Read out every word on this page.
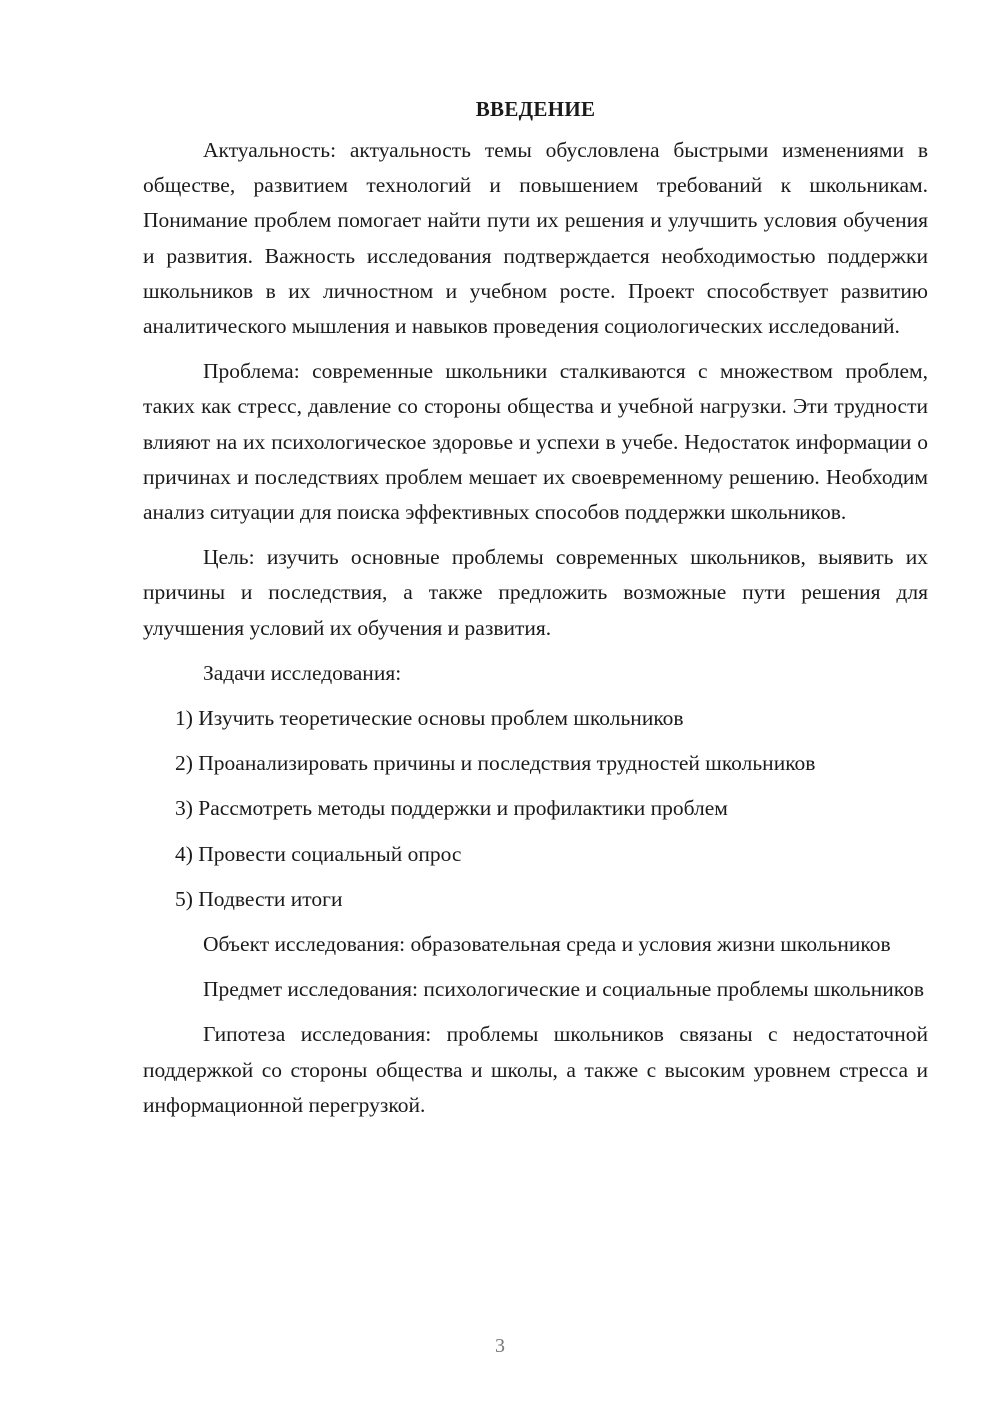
ВВЕДЕНИЕ

Актуальность: актуальность темы обусловлена быстрыми изменениями в обществе, развитием технологий и повышением требований к школьникам. Понимание проблем помогает найти пути их решения и улучшить условия обучения и развития. Важность исследования подтверждается необходимостью поддержки школьников в их личностном и учебном росте. Проект способствует развитию аналитического мышления и навыков проведения социологических исследований.

Проблема: современные школьники сталкиваются с множеством проблем, таких как стресс, давление со стороны общества и учебной нагрузки. Эти трудности влияют на их психологическое здоровье и успехи в учебе. Недостаток информации о причинах и последствиях проблем мешает их своевременному решению. Необходим анализ ситуации для поиска эффективных способов поддержки школьников.

Цель: изучить основные проблемы современных школьников, выявить их причины и последствия, а также предложить возможные пути решения для улучшения условий их обучения и развития.

Задачи исследования:

1) Изучить теоретические основы проблем школьников
2) Проанализировать причины и последствия трудностей школьников
3) Рассмотреть методы поддержки и профилактики проблем
4) Провести социальный опрос
5) Подвести итоги

Объект исследования: образовательная среда и условия жизни школьников

Предмет исследования: психологические и социальные проблемы школьников

Гипотеза исследования: проблемы школьников связаны с недостаточной поддержкой со стороны общества и школы, а также с высоким уровнем стресса и информационной перегрузкой.

3
